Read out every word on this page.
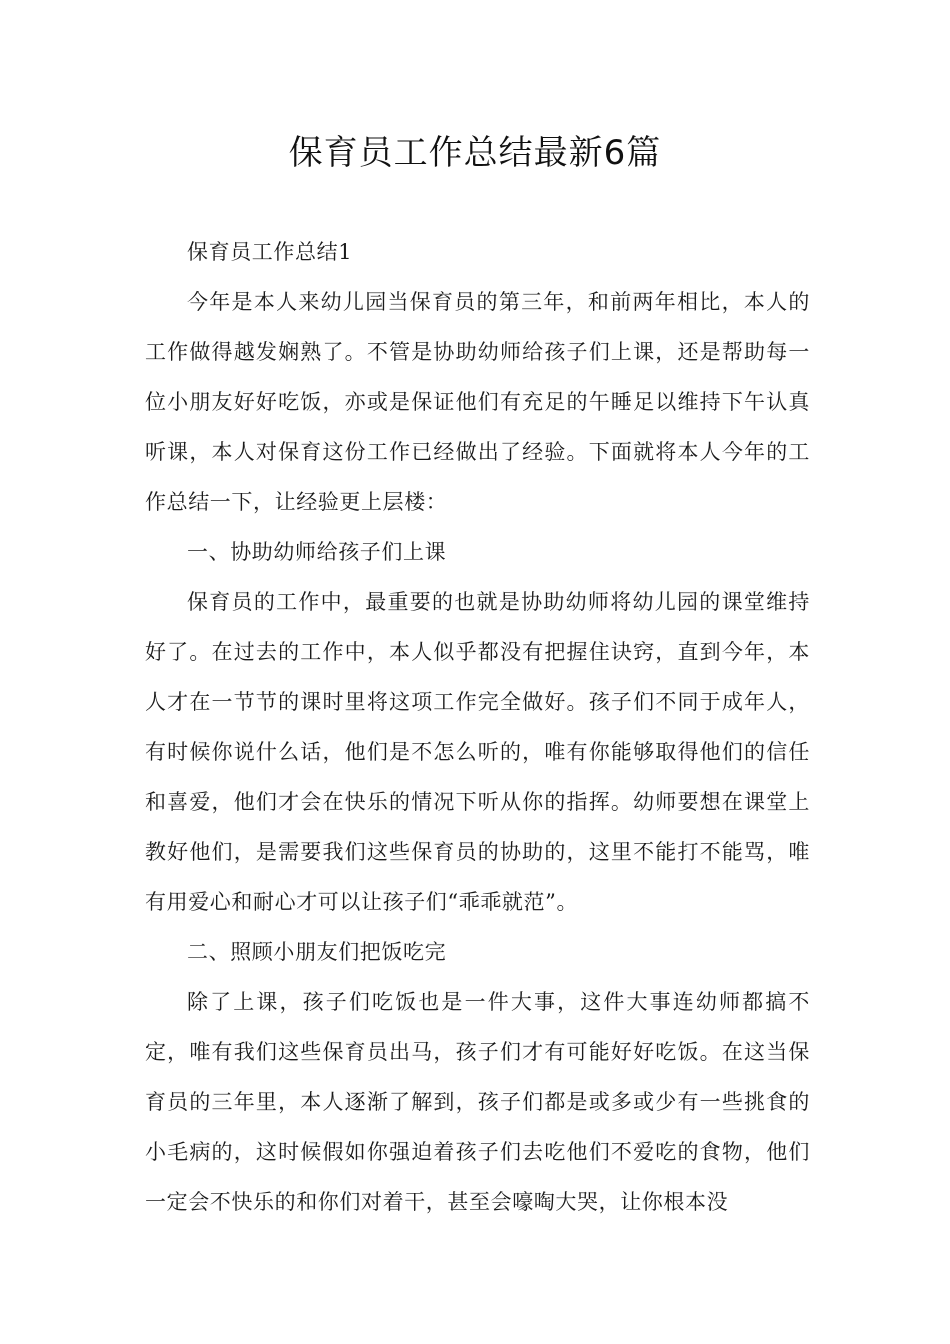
保育员工作总结最新6篇

保育员工作总结1

今年是本人来幼儿园当保育员的第三年，和前两年相比，本人的工作做得越发娴熟了。不管是协助幼师给孩子们上课，还是帮助每一位小朋友好好吃饭，亦或是保证他们有充足的午睡足以维持下午认真听课，本人对保育这份工作已经做出了经验。下面就将本人今年的工作总结一下，让经验更上层楼：

一、协助幼师给孩子们上课

保育员的工作中，最重要的也就是协助幼师将幼儿园的课堂维持好了。在过去的工作中，本人似乎都没有把握住诀窍，直到今年，本人才在一节节的课时里将这项工作完全做好。孩子们不同于成年人，有时候你说什么话，他们是不怎么听的，唯有你能够取得他们的信任和喜爱，他们才会在快乐的情况下听从你的指挥。幼师要想在课堂上教好他们，是需要我们这些保育员的协助的，这里不能打不能骂，唯有用爱心和耐心才可以让孩子们“乖乖就范”。

二、照顾小朋友们把饭吃完

除了上课，孩子们吃饭也是一件大事，这件大事连幼师都搞不定，唯有我们这些保育员出马，孩子们才有可能好好吃饭。在这当保育员的三年里，本人逐渐了解到，孩子们都是或多或少有一些挑食的小毛病的，这时候假如你强迫着孩子们去吃他们不爱吃的食物，他们一定会不快乐的和你们对着干，甚至会嚎啕大哭，让你根本没
